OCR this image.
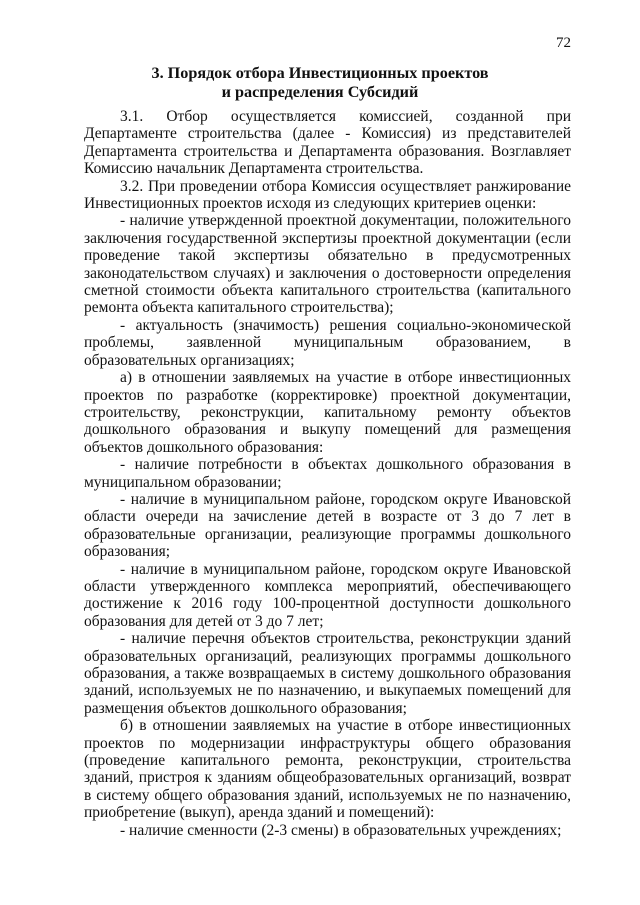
72
3. Порядок отбора Инвестиционных проектов
и распределения Субсидий

3.1. Отбор осуществляется комиссией, созданной при Департаменте строительства (далее - Комиссия) из представителей Департамента строительства и Департамента образования. Возглавляет Комиссию начальник Департамента строительства.

3.2. При проведении отбора Комиссия осуществляет ранжирование Инвестиционных проектов исходя из следующих критериев оценки:

- наличие утвержденной проектной документации, положительного заключения государственной экспертизы проектной документации (если проведение такой экспертизы обязательно в предусмотренных законодательством случаях) и заключения о достоверности определения сметной стоимости объекта капитального строительства (капитального ремонта объекта капитального строительства);

- актуальность (значимость) решения социально-экономической проблемы, заявленной муниципальным образованием, в образовательных организациях;

а) в отношении заявляемых на участие в отборе инвестиционных проектов по разработке (корректировке) проектной документации, строительству, реконструкции, капитальному ремонту объектов дошкольного образования и выкупу помещений для размещения объектов дошкольного образования:

- наличие потребности в объектах дошкольного образования в муниципальном образовании;

- наличие в муниципальном районе, городском округе Ивановской области очереди на зачисление детей в возрасте от 3 до 7 лет в образовательные организации, реализующие программы дошкольного образования;

- наличие в муниципальном районе, городском округе Ивановской области утвержденного комплекса мероприятий, обеспечивающего достижение к 2016 году 100-процентной доступности дошкольного образования для детей от 3 до 7 лет;

- наличие перечня объектов строительства, реконструкции зданий образовательных организаций, реализующих программы дошкольного образования, а также возвращаемых в систему дошкольного образования зданий, используемых не по назначению, и выкупаемых помещений для размещения объектов дошкольного образования;

б) в отношении заявляемых на участие в отборе инвестиционных проектов по модернизации инфраструктуры общего образования (проведение капитального ремонта, реконструкции, строительства зданий, пристроя к зданиям общеобразовательных организаций, возврат в систему общего образования зданий, используемых не по назначению, приобретение (выкуп), аренда зданий и помещений):

- наличие сменности (2-3 смены) в образовательных учреждениях;
